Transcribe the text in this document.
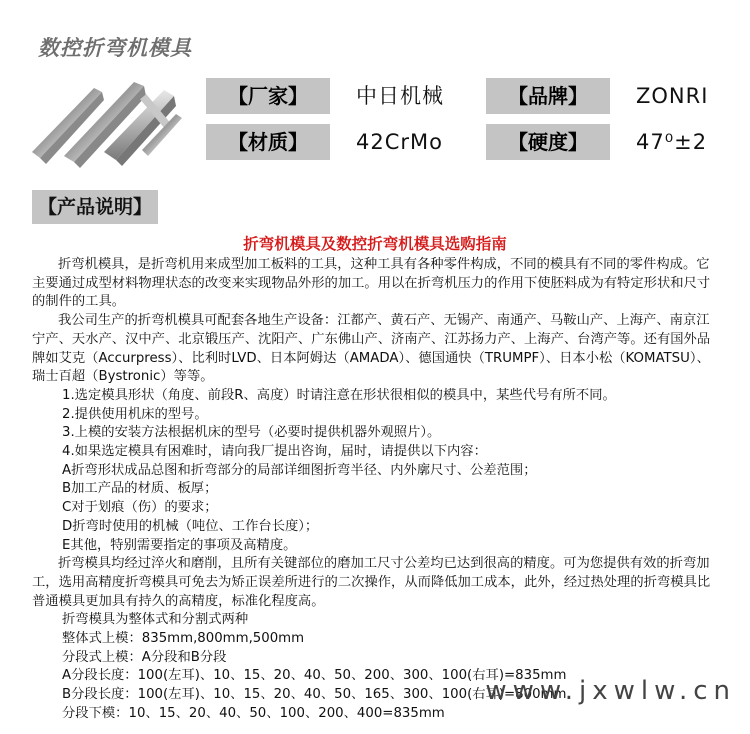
数控折弯机模具
【厂家】	中日机械	【品牌】	ZONRI
【材质】	42CrMo	【硬度】	47⁰±2
【产品说明】
折弯机模具及数控折弯机模具选购指南

折弯机模具，是折弯机用来成型加工板料的工具，这种工具有各种零件构成，不同的模具有不同的零件构成。它主要通过成型材料物理状态的改变来实现物品外形的加工。用以在折弯机压力的作用下使胚料成为有特定形状和尺寸的制件的工具。

我公司生产的折弯机模具可配套各地生产设备：江都产、黄石产、无锡产、南通产、马鞍山产、上海产、南京江宁产、天水产、汉中产、北京锻压产、沈阳产、广东佛山产、济南产、江苏扬力产、上海产、台湾产等。还有国外品牌如艾克（Accurpress）、比利时LVD、日本阿姆达（AMADA）、德国通快（TRUMPF）、日本小松（KOMATSU）、瑞士百超（Bystronic）等等。

1.选定模具形状（角度、前段R、高度）时请注意在形状很相似的模具中，某些代号有所不同。

2.提供使用机床的型号。

3.上模的安装方法根据机床的型号（必要时提供机器外观照片）。

4.如果选定模具有困难时，请向我厂提出咨询，届时，请提供以下内容：

A折弯形状成品总图和折弯部分的局部详细图折弯半径、内外廓尺寸、公差范围；

B加工产品的材质、板厚；

C对于划痕（伤）的要求；

D折弯时使用的机械（吨位、工作台长度）；

E其他，特别需要指定的事项及高精度。

折弯模具均经过淬火和磨削，且所有关键部位的磨加工尺寸公差均已达到很高的精度。可为您提供有效的折弯加工，选用高精度折弯模具可免去为矫正误差所进行的二次操作，从而降低加工成本，此外，经过热处理的折弯模具比普通模具更加具有持久的高精度，标准化程度高。

折弯模具为整体式和分割式两种

整体式上模：835mm,800mm,500mm

分段式上模：A分段和B分段

A分段长度：100(左耳)、10、15、20、40、50、200、300、100(右耳)=835mm

B分段长度：100(左耳)、10、15、20、40、50、165、300、100(右耳)=800mm

分段下模：10、15、20、40、50、100、200、400=835mm

www.jxwlw.cn
